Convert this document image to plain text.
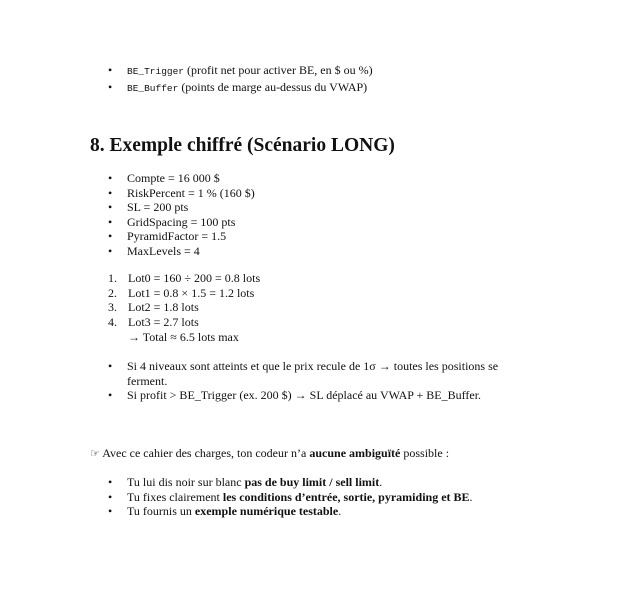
• BE_Trigger (profit net pour activer BE, en $ ou %)
• BE_Buffer (points de marge au-dessus du VWAP)
8. Exemple chiffré (Scénario LONG)
• Compte = 16 000 $
• RiskPercent = 1 % (160 $)
• SL = 200 pts
• GridSpacing = 100 pts
• PyramidFactor = 1.5
• MaxLevels = 4
1. Lot0 = 160 ÷ 200 = 0.8 lots
2. Lot1 = 0.8 × 1.5 = 1.2 lots
3. Lot2 = 1.8 lots
4. Lot3 = 2.7 lots
→ Total ≈ 6.5 lots max
• Si 4 niveaux sont atteints et que le prix recule de 1σ → toutes les positions se ferment.
• Si profit > BE_Trigger (ex. 200 $) → SL déplacé au VWAP + BE_Buffer.
☞ Avec ce cahier des charges, ton codeur n’a aucune ambiguïté possible :
• Tu lui dis noir sur blanc pas de buy limit / sell limit.
• Tu fixes clairement les conditions d’entrée, sortie, pyramiding et BE.
• Tu fournis un exemple numérique testable.
